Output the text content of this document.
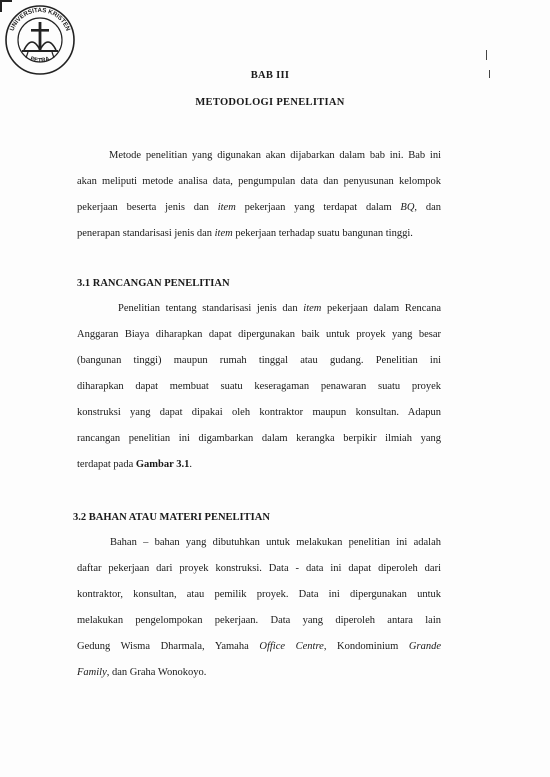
UNIVERSITAS KRISTEN
PETRA
BAB III
METODOLOGI PENELITIAN
Metode penelitian yang digunakan akan dijabarkan dalam bab ini. Bab ini
akan meliputi metode analisa data, pengumpulan data dan penyusunan kelompok
pekerjaan beserta jenis dan item pekerjaan yang terdapat dalam BQ, dan
penerapan standarisasi jenis dan item pekerjaan terhadap suatu bangunan tinggi.
3.1 RANCANGAN PENELITIAN
Penelitian tentang standarisasi jenis dan item pekerjaan dalam Rencana
Anggaran Biaya diharapkan dapat dipergunakan baik untuk proyek yang besar
(bangunan tinggi) maupun rumah tinggal atau gudang. Penelitian ini
diharapkan dapat membuat suatu keseragaman penawaran suatu proyek
konstruksi yang dapat dipakai oleh kontraktor maupun konsultan. Adapun
rancangan penelitian ini digambarkan dalam kerangka berpikir ilmiah yang
terdapat pada Gambar 3.1.
3.2 BAHAN ATAU MATERI PENELITIAN
Bahan – bahan yang dibutuhkan untuk melakukan penelitian ini adalah
daftar pekerjaan dari proyek konstruksi. Data - data ini dapat diperoleh dari
kontraktor, konsultan, atau pemilik proyek. Data ini dipergunakan untuk
melakukan pengelompokan pekerjaan. Data yang diperoleh antara lain
Gedung Wisma Dharmala, Yamaha Office Centre, Kondominium Grande
Family, dan Graha Wonokoyo.
